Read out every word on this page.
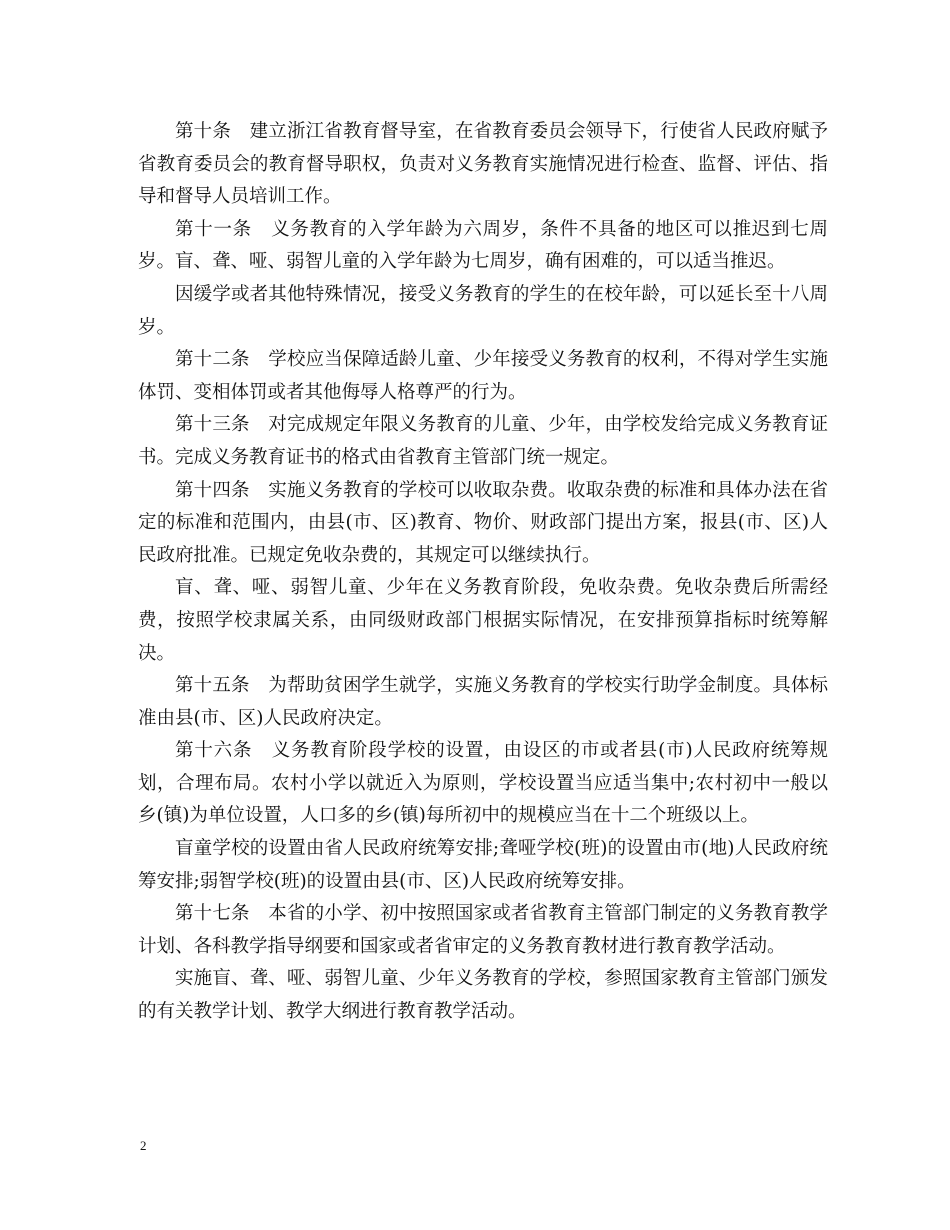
第十条　建立浙江省教育督导室，在省教育委员会领导下，行使省人民政府赋予省教育委员会的教育督导职权，负责对义务教育实施情况进行检查、监督、评估、指导和督导人员培训工作。

第十一条　义务教育的入学年龄为六周岁，条件不具备的地区可以推迟到七周岁。盲、聋、哑、弱智儿童的入学年龄为七周岁，确有困难的，可以适当推迟。

因缓学或者其他特殊情况，接受义务教育的学生的在校年龄，可以延长至十八周岁。

第十二条　学校应当保障适龄儿童、少年接受义务教育的权利，不得对学生实施体罚、变相体罚或者其他侮辱人格尊严的行为。

第十三条　对完成规定年限义务教育的儿童、少年，由学校发给完成义务教育证书。完成义务教育证书的格式由省教育主管部门统一规定。

第十四条　实施义务教育的学校可以收取杂费。收取杂费的标准和具体办法在省定的标准和范围内，由县(市、区)教育、物价、财政部门提出方案，报县(市、区)人民政府批准。已规定免收杂费的，其规定可以继续执行。

盲、聋、哑、弱智儿童、少年在义务教育阶段，免收杂费。免收杂费后所需经费，按照学校隶属关系，由同级财政部门根据实际情况，在安排预算指标时统筹解决。

第十五条　为帮助贫困学生就学，实施义务教育的学校实行助学金制度。具体标准由县(市、区)人民政府决定。

第十六条　义务教育阶段学校的设置，由设区的市或者县(市)人民政府统筹规划，合理布局。农村小学以就近入为原则，学校设置当应适当集中;农村初中一般以乡(镇)为单位设置，人口多的乡(镇)每所初中的规模应当在十二个班级以上。

盲童学校的设置由省人民政府统筹安排;聋哑学校(班)的设置由市(地)人民政府统筹安排;弱智学校(班)的设置由县(市、区)人民政府统筹安排。

第十七条　本省的小学、初中按照国家或者省教育主管部门制定的义务教育教学计划、各科教学指导纲要和国家或者省审定的义务教育教材进行教育教学活动。

实施盲、聋、哑、弱智儿童、少年义务教育的学校，参照国家教育主管部门颁发的有关教学计划、教学大纲进行教育教学活动。

2
